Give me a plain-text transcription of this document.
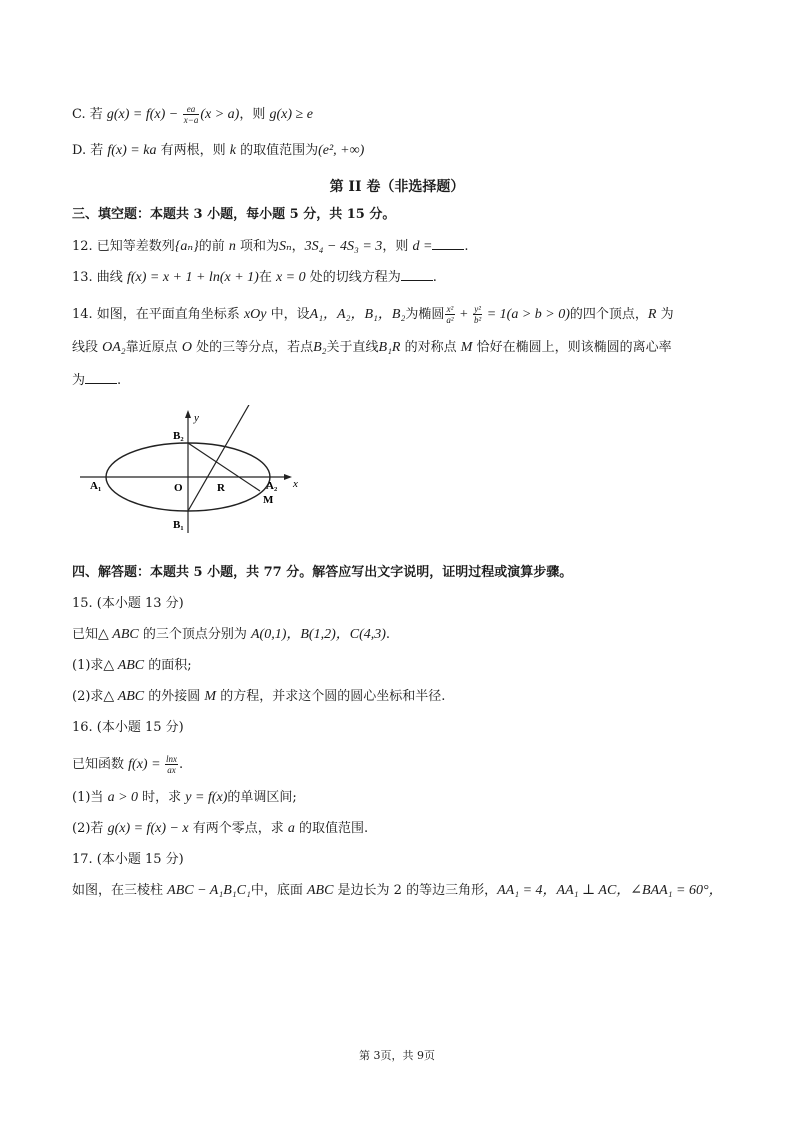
C. 若 $g(x) = f(x) - \frac{ea}{x-a} (x > a)$，则 g(x) ≥ e
D. 若 f(x) = ka 有两根，则 k 的取值范围为(e², +∞)
第 II 卷（非选择题）
三、填空题：本题共 3 小题，每小题 5 分，共 15 分。
12. 已知等差数列{aₙ}的前 n 项和为Sₙ，3S₄ − 4S₃ = 3，则 d = .
13. 曲线 f(x) = x + 1 + ln(x + 1)在 x = 0 处的切线方程为 .
14. 如图，在平面直角坐标系 xOy 中，设A₁，A₂，B₁，B₂为椭圆 $\frac{\text{x²}}{\text{a²}} + \frac{\text{y²}}{\text{b²}} = 1(a > b > 0)$的四个顶点，R 为
线段 OA₂靠近原点 O 处的三等分点，若点B₂关于直线B₁R 的对称点 M 恰好在椭圆上，则该椭圆的离心率
为 .
y
x
B₂
B₁
A₁	A₂
O	R
M
四、解答题：本题共 5 小题，共 77 分。解答应写出文字说明，证明过程或演算步骤。
15. (本小题 13 分)
已知△ ABC 的三个顶点分别为 A(0,1)，B(1,2)，C(4,3).
(1)求△ ABC 的面积;
(2)求△ ABC 的外接圆 M 的方程，并求这个圆的圆心坐标和半径.
16. (本小题 15 分)
已知函数 $f(x) = \frac{\ln x}{ax}$ .
(1)当 a > 0 时，求 y = f(x)的单调区间;
(2)若 g(x) = f(x) − x 有两个零点，求 a 的取值范围.
17. (本小题 15 分)
如图，在三棱柱 ABC − A₁B₁C₁中，底面 ABC 是边长为 2 的等边三角形，AA₁ = 4，AA₁ ⊥ AC，∠BAA₁ = 60°，
第 3页，共 9页
